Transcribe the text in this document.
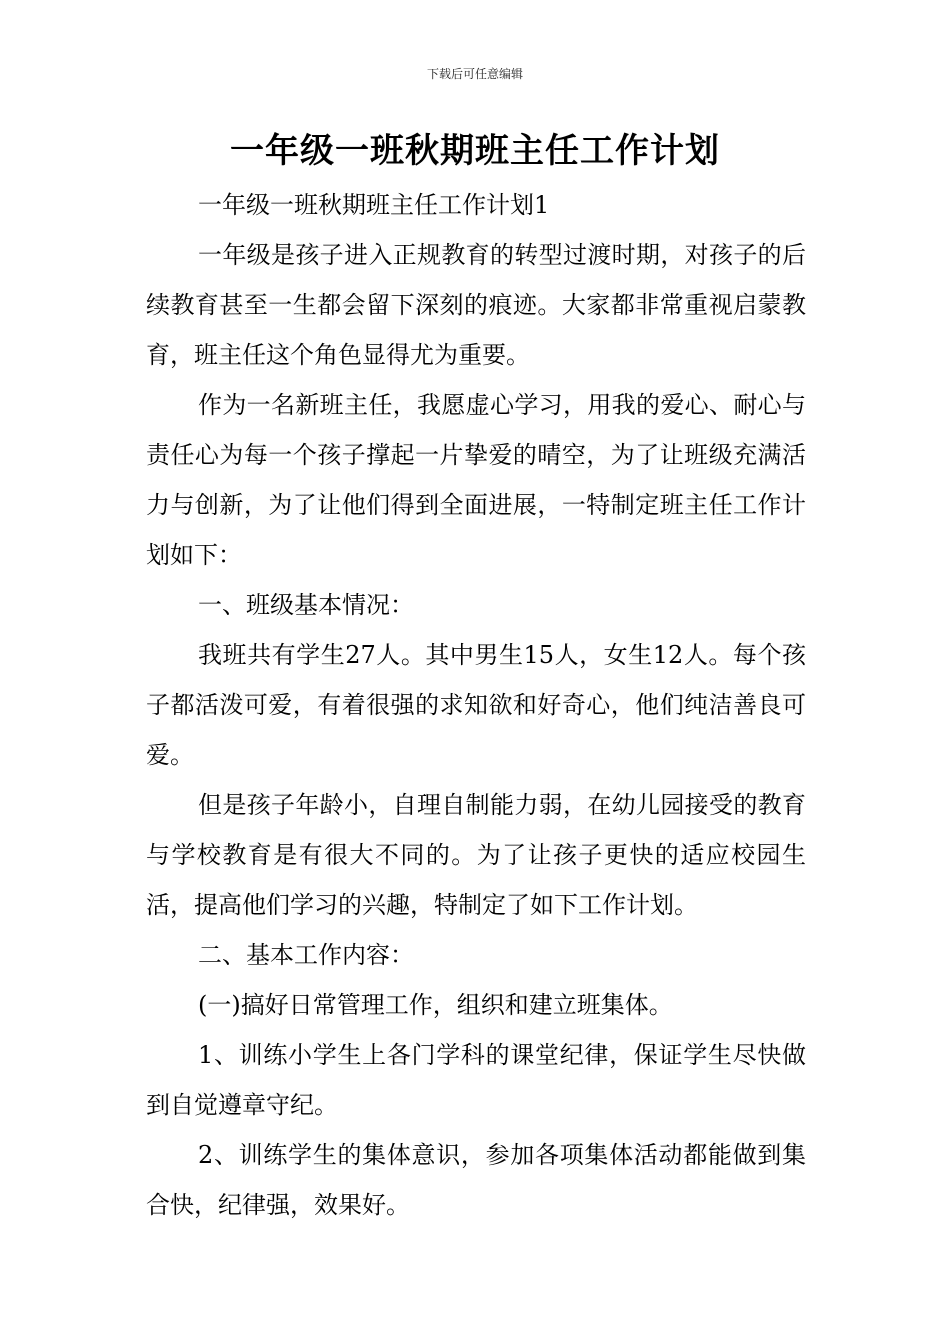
下载后可任意编辑
一年级一班秋期班主任工作计划

一年级一班秋期班主任工作计划1

一年级是孩子进入正规教育的转型过渡时期，对孩子的后续教育甚至一生都会留下深刻的痕迹。大家都非常重视启蒙教育，班主任这个角色显得尤为重要。

作为一名新班主任，我愿虚心学习，用我的爱心、耐心与责任心为每一个孩子撑起一片挚爱的晴空，为了让班级充满活力与创新，为了让他们得到全面进展，一特制定班主任工作计划如下：

一、班级基本情况：

我班共有学生27人。其中男生15人，女生12人。每个孩子都活泼可爱，有着很强的求知欲和好奇心，他们纯洁善良可爱。

但是孩子年龄小，自理自制能力弱，在幼儿园接受的教育与学校教育是有很大不同的。为了让孩子更快的适应校园生活，提高他们学习的兴趣，特制定了如下工作计划。

二、基本工作内容：

(一)搞好日常管理工作，组织和建立班集体。

1、训练小学生上各门学科的课堂纪律，保证学生尽快做到自觉遵章守纪。

2、训练学生的集体意识，参加各项集体活动都能做到集合快，纪律强，效果好。
